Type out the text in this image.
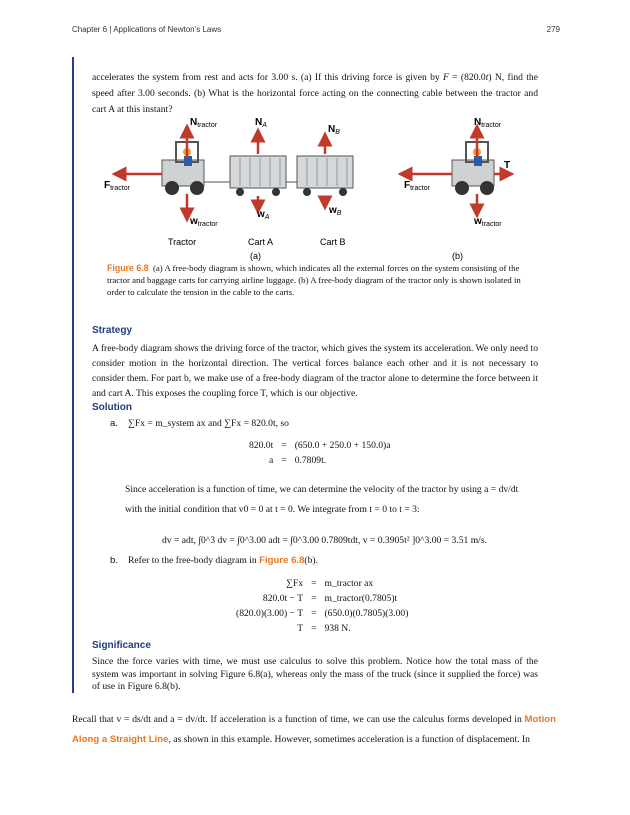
Chapter 6 | Applications of Newton’s Laws	279
accelerates the system from rest and acts for 3.00 s. (a) If this driving force is given by F = (820.0t) N, find the speed after 3.00 seconds. (b) What is the horizontal force acting on the connecting cable between the tractor and cart A at this instant?
$N_{tractor}$	$N_A$	$N_B$
$F_{tractor}$
$w_{tractor}$
$w_A$
$w_B$
Tractor	Cart A	Cart B
(a)	(b)
$N_{tractor}$
T
$F_{tractor}$
$w_{tractor}$
Figure 6.8 (a) A free-body diagram is shown, which indicates all the external forces on the system consisting of the tractor and baggage carts for carrying airline luggage. (b) A free-body diagram of the tractor only is shown isolated in order to calculate the tension in the cable to the carts.
Strategy
A free-body diagram shows the driving force of the tractor, which gives the system its acceleration. We only need to consider motion in the horizontal direction. The vertical forces balance each other and it is not necessary to consider them. For part b, we make use of a free-body diagram of the tractor alone to determine the force between it and cart A. This exposes the coupling force T, which is our objective.
Solution
a. ∑Fx = m_system ax and ∑Fx = 820.0t, so
820.0t	=	(650.0 + 250.0 + 150.0)a
a	=	0.7809t.
Since acceleration is a function of time, we can determine the velocity of the tractor by using a = dv/dt
with the initial condition that v0 = 0 at t = 0. We integrate from t = 0 to t = 3:
dv = adt, ∫0^3 dv = ∫0^3.00 adt = ∫0^3.00 0.7809tdt, v = 0.3905t² ]0^3.00 = 3.51 m/s.
b. Refer to the free-body diagram in Figure 6.8(b).
∑Fx	=	m_tractor ax
820.0t − T	=	m_tractor(0.7805)t
(820.0)(3.00) − T	=	(650.0)(0.7805)(3.00)
T	=	938 N.
Significance
Since the force varies with time, we must use calculus to solve this problem. Notice how the total mass of the system was important in solving Figure 6.8(a), whereas only the mass of the truck (since it supplied the force) was of use in Figure 6.8(b).
Recall that v = ds/dt and a = dv/dt. If acceleration is a function of time, we can use the calculus forms developed in Motion Along a Straight Line, as shown in this example. However, sometimes acceleration is a function of displacement. In
